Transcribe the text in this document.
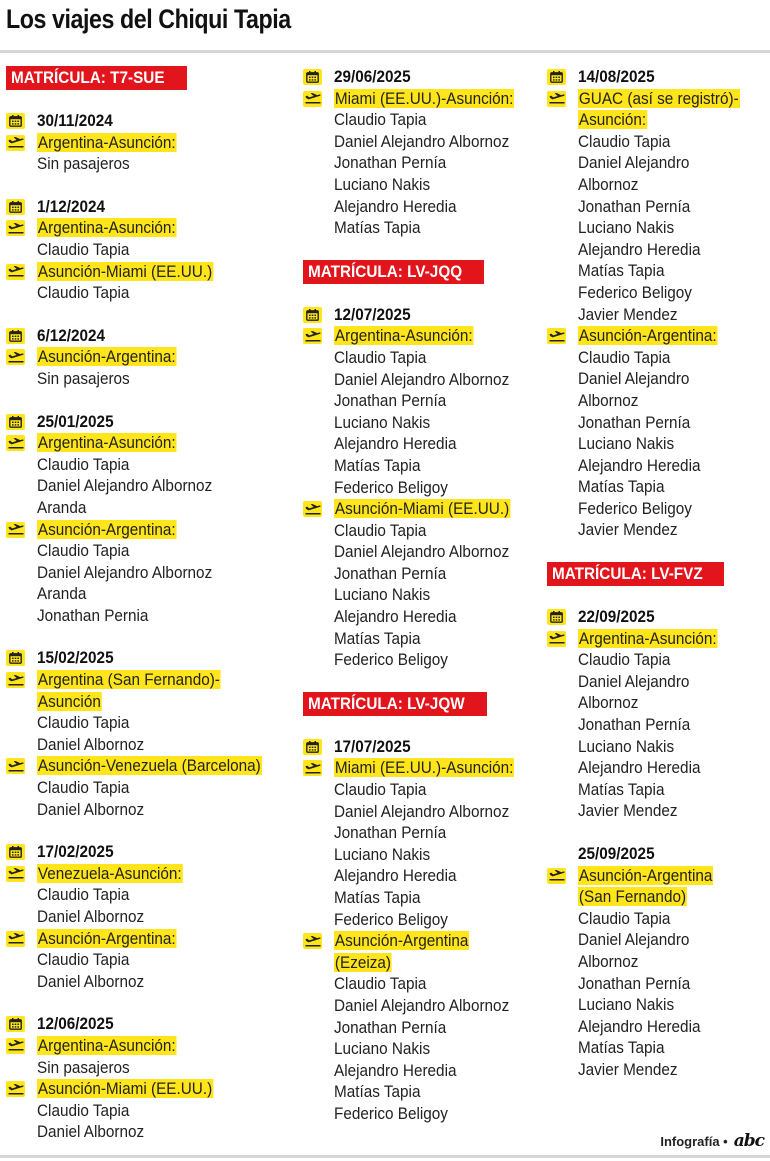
Los viajes del Chiqui Tapia
MATRÍCULA: T7-SUE
30/11/2024
Argentina-Asunción:
Sin pasajeros
1/12/2024
Argentina-Asunción:
Claudio Tapia
Asunción-Miami (EE.UU.)
Claudio Tapia
6/12/2024
Asunción-Argentina:
Sin pasajeros
25/01/2025
Argentina-Asunción:
Claudio Tapia
Daniel Alejandro Albornoz
Aranda
Asunción-Argentina:
Claudio Tapia
Daniel Alejandro Albornoz
Aranda
Jonathan Pernia
15/02/2025
Argentina (San Fernando)-
Asunción
Claudio Tapia
Daniel Albornoz
Asunción-Venezuela (Barcelona)
Claudio Tapia
Daniel Albornoz
17/02/2025
Venezuela-Asunción:
Claudio Tapia
Daniel Albornoz
Asunción-Argentina:
Claudio Tapia
Daniel Albornoz
12/06/2025
Argentina-Asunción:
Sin pasajeros
Asunción-Miami (EE.UU.)
Claudio Tapia
Daniel Albornoz
29/06/2025
Miami (EE.UU.)-Asunción:
Claudio Tapia
Daniel Alejandro Albornoz
Jonathan Pernía
Luciano Nakis
Alejandro Heredia
Matías Tapia
MATRÍCULA: LV-JQQ
12/07/2025
Argentina-Asunción:
Claudio Tapia
Daniel Alejandro Albornoz
Jonathan Pernía
Luciano Nakis
Alejandro Heredia
Matías Tapia
Federico Beligoy
Asunción-Miami (EE.UU.)
Claudio Tapia
Daniel Alejandro Albornoz
Jonathan Pernía
Luciano Nakis
Alejandro Heredia
Matías Tapia
Federico Beligoy
MATRÍCULA: LV-JQW
17/07/2025
Miami (EE.UU.)-Asunción:
Claudio Tapia
Daniel Alejandro Albornoz
Jonathan Pernía
Luciano Nakis
Alejandro Heredia
Matías Tapia
Federico Beligoy
Asunción-Argentina
(Ezeiza)
Claudio Tapia
Daniel Alejandro Albornoz
Jonathan Pernía
Luciano Nakis
Alejandro Heredia
Matías Tapia
Federico Beligoy
14/08/2025
GUAC (así se registró)-
Asunción:
Claudio Tapia
Daniel Alejandro
Albornoz
Jonathan Pernía
Luciano Nakis
Alejandro Heredia
Matías Tapia
Federico Beligoy
Javier Mendez
Asunción-Argentina:
Claudio Tapia
Daniel Alejandro
Albornoz
Jonathan Pernía
Luciano Nakis
Alejandro Heredia
Matías Tapia
Federico Beligoy
Javier Mendez
MATRÍCULA: LV-FVZ
22/09/2025
Argentina-Asunción:
Claudio Tapia
Daniel Alejandro
Albornoz
Jonathan Pernía
Luciano Nakis
Alejandro Heredia
Matías Tapia
Javier Mendez
25/09/2025
Asunción-Argentina
(San Fernando)
Claudio Tapia
Daniel Alejandro
Albornoz
Jonathan Pernía
Luciano Nakis
Alejandro Heredia
Matías Tapia
Javier Mendez
Infografía • abc
